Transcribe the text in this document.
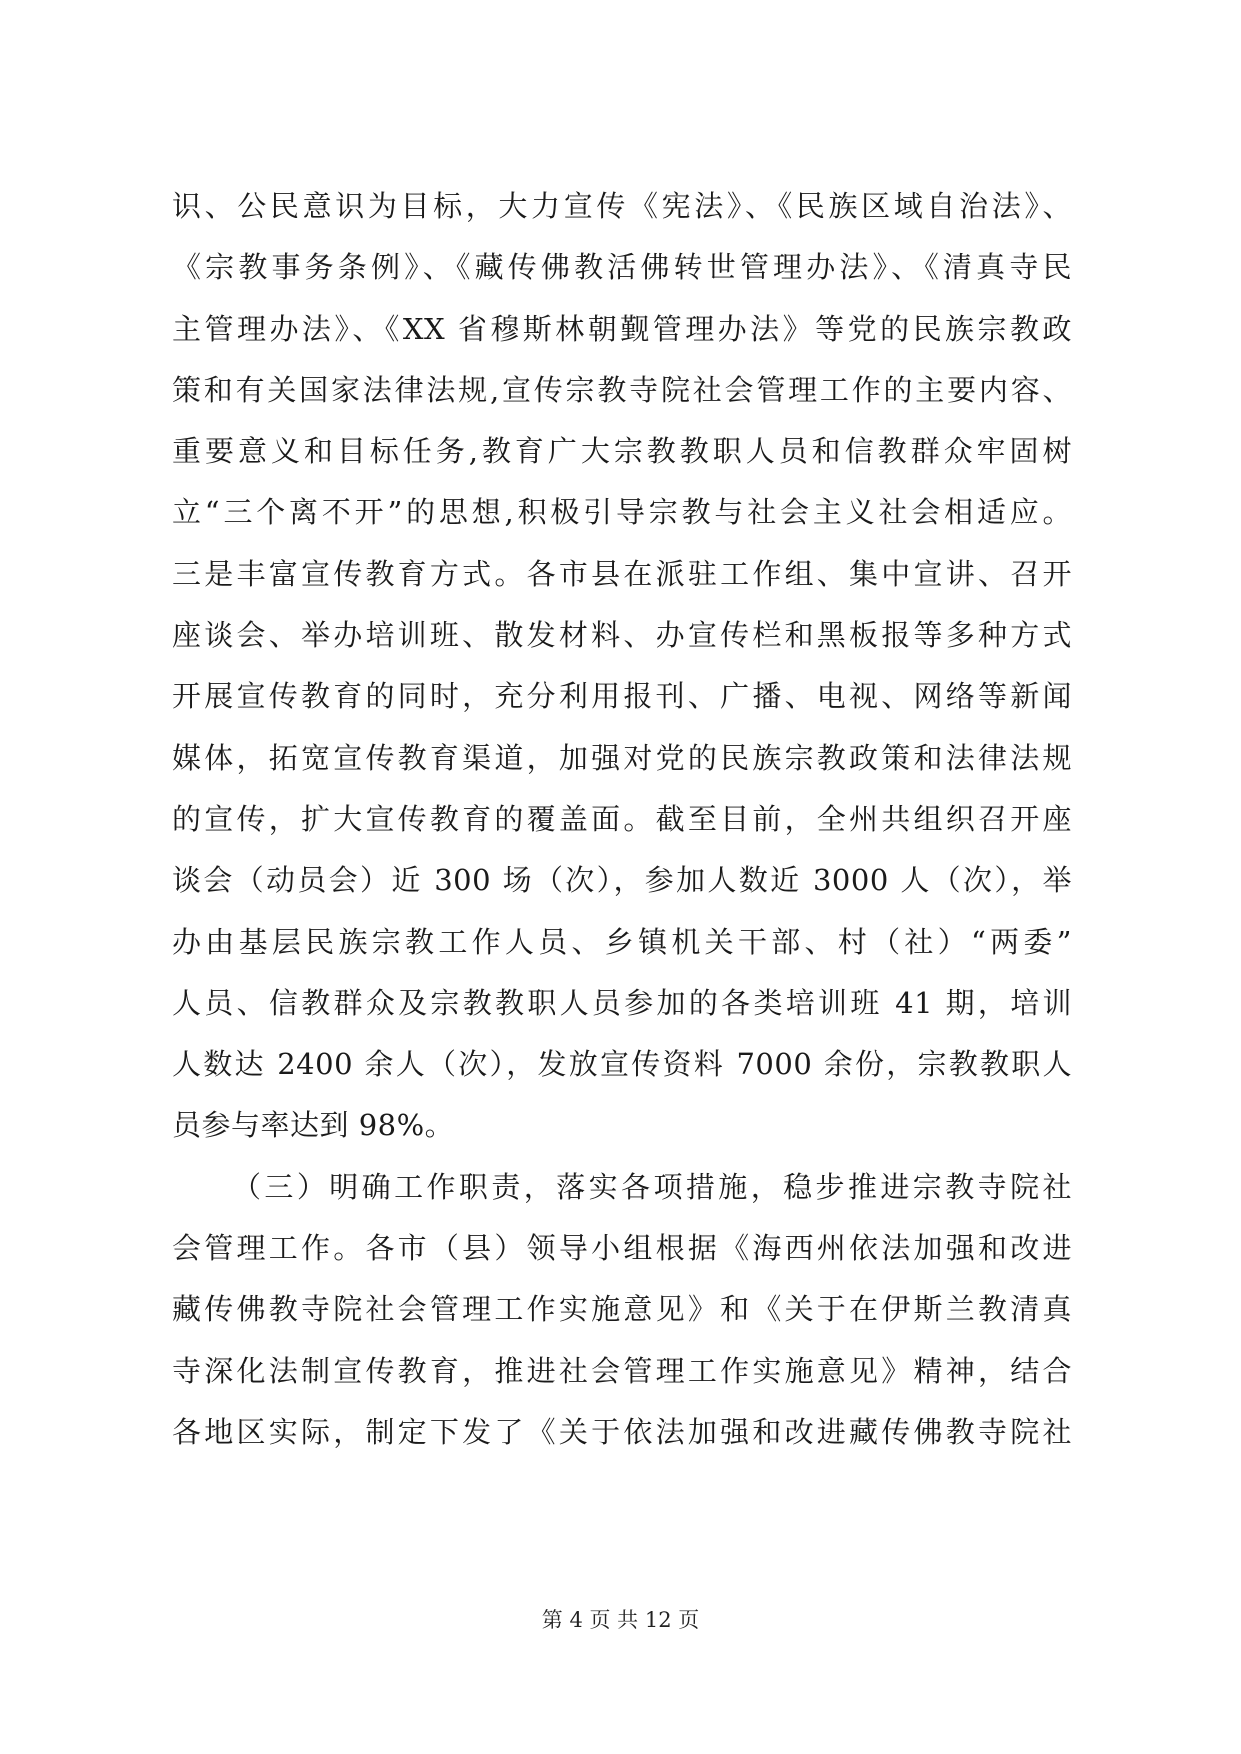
识、公民意识为目标，大力宣传《宪法》、《民族区域自治法》、
《宗教事务条例》、《藏传佛教活佛转世管理办法》、《清真寺民
主管理办法》、《XX 省穆斯林朝觐管理办法》等党的民族宗教政
策和有关国家法律法规,宣传宗教寺院社会管理工作的主要内容、
重要意义和目标任务,教育广大宗教教职人员和信教群众牢固树
立“三个离不开”的思想,积极引导宗教与社会主义社会相适应。
三是丰富宣传教育方式。各市县在派驻工作组、集中宣讲、召开
座谈会、举办培训班、散发材料、办宣传栏和黑板报等多种方式
开展宣传教育的同时，充分利用报刊、广播、电视、网络等新闻
媒体，拓宽宣传教育渠道，加强对党的民族宗教政策和法律法规
的宣传，扩大宣传教育的覆盖面。截至目前，全州共组织召开座
谈会（动员会）近 300 场（次），参加人数近 3000 人（次），举
办由基层民族宗教工作人员、乡镇机关干部、村（社）“两委”
人员、信教群众及宗教教职人员参加的各类培训班 41 期，培训
人数达 2400 余人（次），发放宣传资料 7000 余份，宗教教职人
员参与率达到 98%。
（三）明确工作职责，落实各项措施，稳步推进宗教寺院社
会管理工作。各市（县）领导小组根据《海西州依法加强和改进
藏传佛教寺院社会管理工作实施意见》和《关于在伊斯兰教清真
寺深化法制宣传教育，推进社会管理工作实施意见》精神，结合
各地区实际，制定下发了《关于依法加强和改进藏传佛教寺院社
第 4 页 共 12 页
